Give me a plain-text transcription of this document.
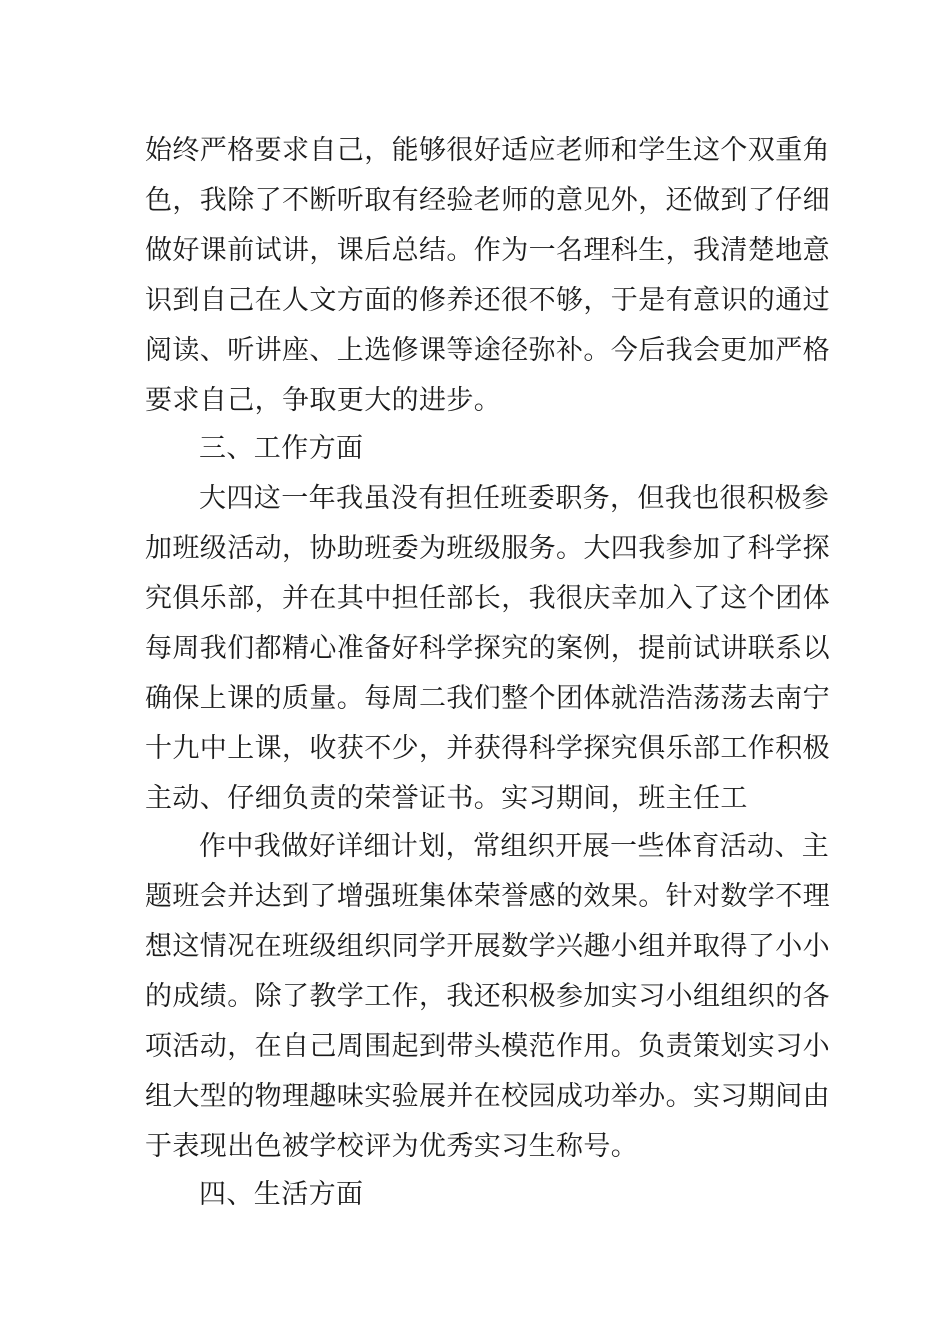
始终严格要求自己，能够很好适应老师和学生这个双重角
色，我除了不断听取有经验老师的意见外，还做到了仔细
做好课前试讲，课后总结。作为一名理科生，我清楚地意
识到自己在人文方面的修养还很不够，于是有意识的通过
阅读、听讲座、上选修课等途径弥补。今后我会更加严格
要求自己，争取更大的进步。
三、工作方面
大四这一年我虽没有担任班委职务，但我也很积极参
加班级活动，协助班委为班级服务。大四我参加了科学探
究俱乐部，并在其中担任部长，我很庆幸加入了这个团体
每周我们都精心准备好科学探究的案例，提前试讲联系以
确保上课的质量。每周二我们整个团体就浩浩荡荡去南宁
十九中上课，收获不少，并获得科学探究俱乐部工作积极
主动、仔细负责的荣誉证书。实习期间，班主任工
作中我做好详细计划，常组织开展一些体育活动、主
题班会并达到了增强班集体荣誉感的效果。针对数学不理
想这情况在班级组织同学开展数学兴趣小组并取得了小小
的成绩。除了教学工作，我还积极参加实习小组组织的各
项活动，在自己周围起到带头模范作用。负责策划实习小
组大型的物理趣味实验展并在校园成功举办。实习期间由
于表现出色被学校评为优秀实习生称号。
四、生活方面
